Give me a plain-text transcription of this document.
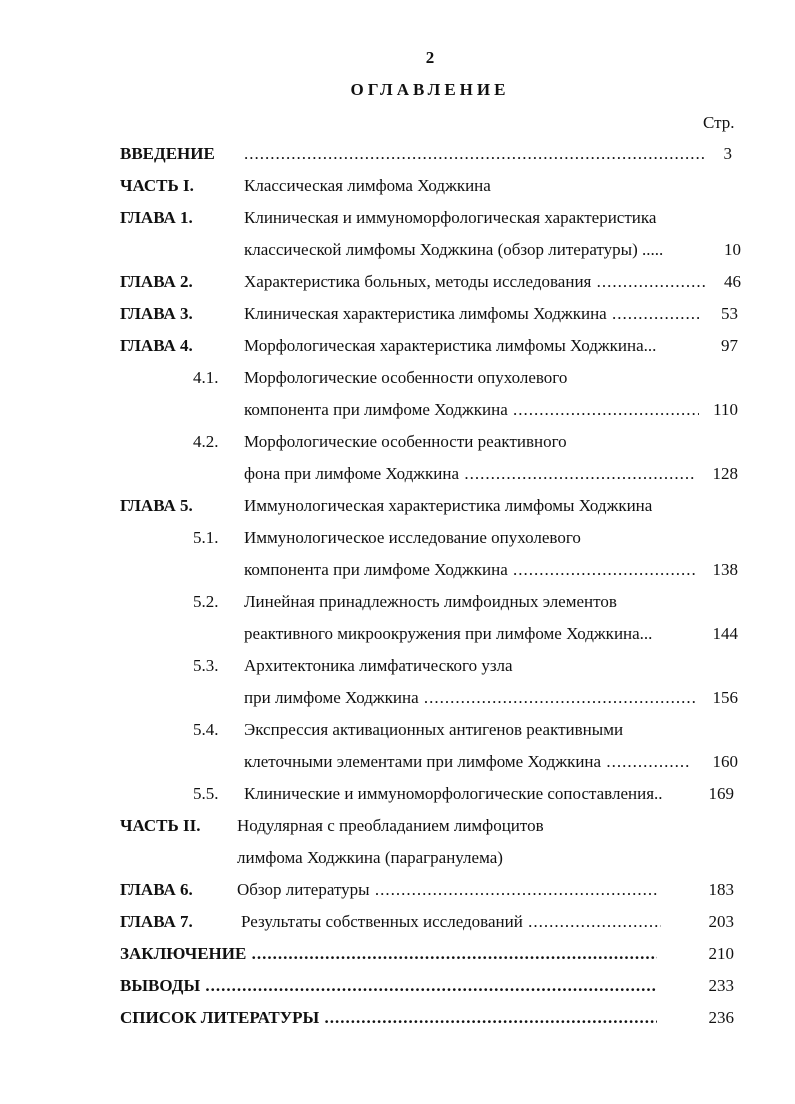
2
ОГЛАВЛЕНИЕ
Стр.
ВВЕДЕНИЕ .....	3
ЧАСТЬ I.	Классическая лимфома Ходжкина
ГЛАВА 1.	Клиническая и иммуноморфологическая характеристика
классической лимфомы Ходжкина (обзор литературы) .....	10
ГЛАВА 2.	Характеристика больных, методы исследования .....	46
ГЛАВА 3.	Клиническая характеристика лимфомы Ходжкина .....	53
ГЛАВА 4.	Морфологическая характеристика лимфомы Ходжкина...	97
4.1. Морфологические особенности опухолевого
компонента при лимфоме Ходжкина .....	110
4.2. Морфологические особенности реактивного
фона при лимфоме Ходжкина .....	128
ГЛАВА 5.	Иммунологическая характеристика лимфомы Ходжкина
5.1. Иммунологическое исследование опухолевого
компонента при лимфоме Ходжкина .....	138
5.2. Линейная принадлежность лимфоидных элементов
реактивного микроокружения при лимфоме Ходжкина...	144
5.3. Архитектоника лимфатического узла
при лимфоме Ходжкина .....	156
5.4. Экспрессия активационных антигенов реактивными
клеточными элементами при лимфоме Ходжкина .....	160
5.5. Клинические и иммуноморфологические сопоставления..	169
ЧАСТЬ II. Нодулярная с преобладанием лимфоцитов
лимфома Ходжкина (парагранулема)
ГЛАВА 6.	Обзор литературы .....	183
ГЛАВА 7.	Результаты собственных исследований .....	203
ЗАКЛЮЧЕНИЕ .....	210
ВЫВОДЫ .....	233
СПИСОК ЛИТЕРАТУРЫ .....	236
